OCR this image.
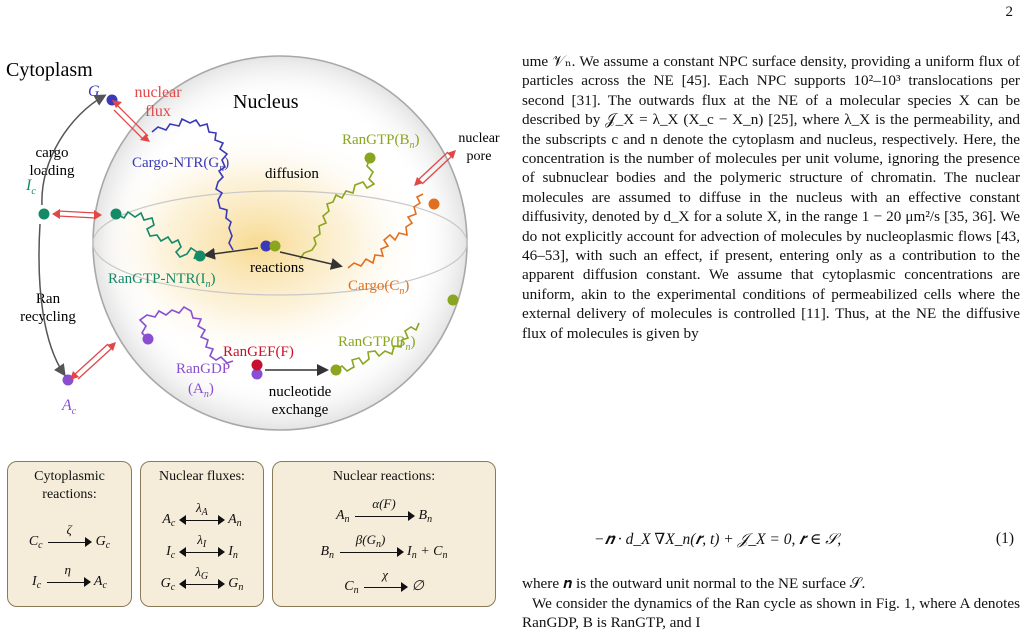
2
Cytoplasm
Nucleus
nuclear
flux
nuclear
pore
cargo
loading
Ran
recycling
$G_c$
$I_c$
$A_c$
Cargo-$NTR(G_n)$
diffusion
$RanGTP(B_n)$
reactions
RanGTP-$NTR(I_n)$	$Cargo(C_n)$
RanGEF(F)
RanGDP
$(A_n)$	nucleotide
exchange
$RanGTP(B_n)$
Cytoplasmic
reactions:
$C_c$
ζ
$G_c$
$I_c$
η
$A_c$
Nuclear fluxes:
$A_c$
$\lambda_A$	$A_n$
$I_c$
$\lambda_I$	$I_n$
$G_c$
$\lambda_G$	$G_n$
Nuclear reactions:
$A_n$
α(F)
$B_n$
$B_n$
$\beta(G_n)$
$I_n + C_n$
$C_n$
χ
∅

ume 𝒱ₙ. We assume a constant NPC surface density, providing a uniform flux of particles across the NE [45]. Each NPC supports 10²–10³ translocations per second [31]. The outwards flux at the NE of a molecular species X can be described by 𝒥_X = λ_X (X_c − X_n) [25], where λ_X is the permeability, and the subscripts c and n denote the cytoplasm and nucleus, respectively. Here, the concentration is the number of molecules per unit volume, ignoring the presence of subnuclear bodies and the polymeric structure of chromatin. The nuclear molecules are assumed to diffuse in the nucleus with an effective constant diffusivity, denoted by d_X for a solute X, in the range 1 − 20 μm²/s [35, 36]. We do not explicitly account for advection of molecules by nucleoplasmic flows [43, 46–53], with such an effect, if present, entering only as a contribution to the apparent diffusion constant. We assume that cytoplasmic concentrations are uniform, akin to the experimental conditions of permeabilized cells where the external delivery of molecules is controlled [11]. Thus, at the NE the diffusive flux of molecules is given by

−𝒏 · d_X ∇X_n(𝒓, t) + 𝒥_X = 0, 𝒓 ∈ 𝒮,	(1)

where 𝒏 is the outward unit normal to the NE surface 𝒮.

We consider the dynamics of the Ran cycle as shown in Fig. 1, where A denotes RanGDP, B is RanGTP, and I
